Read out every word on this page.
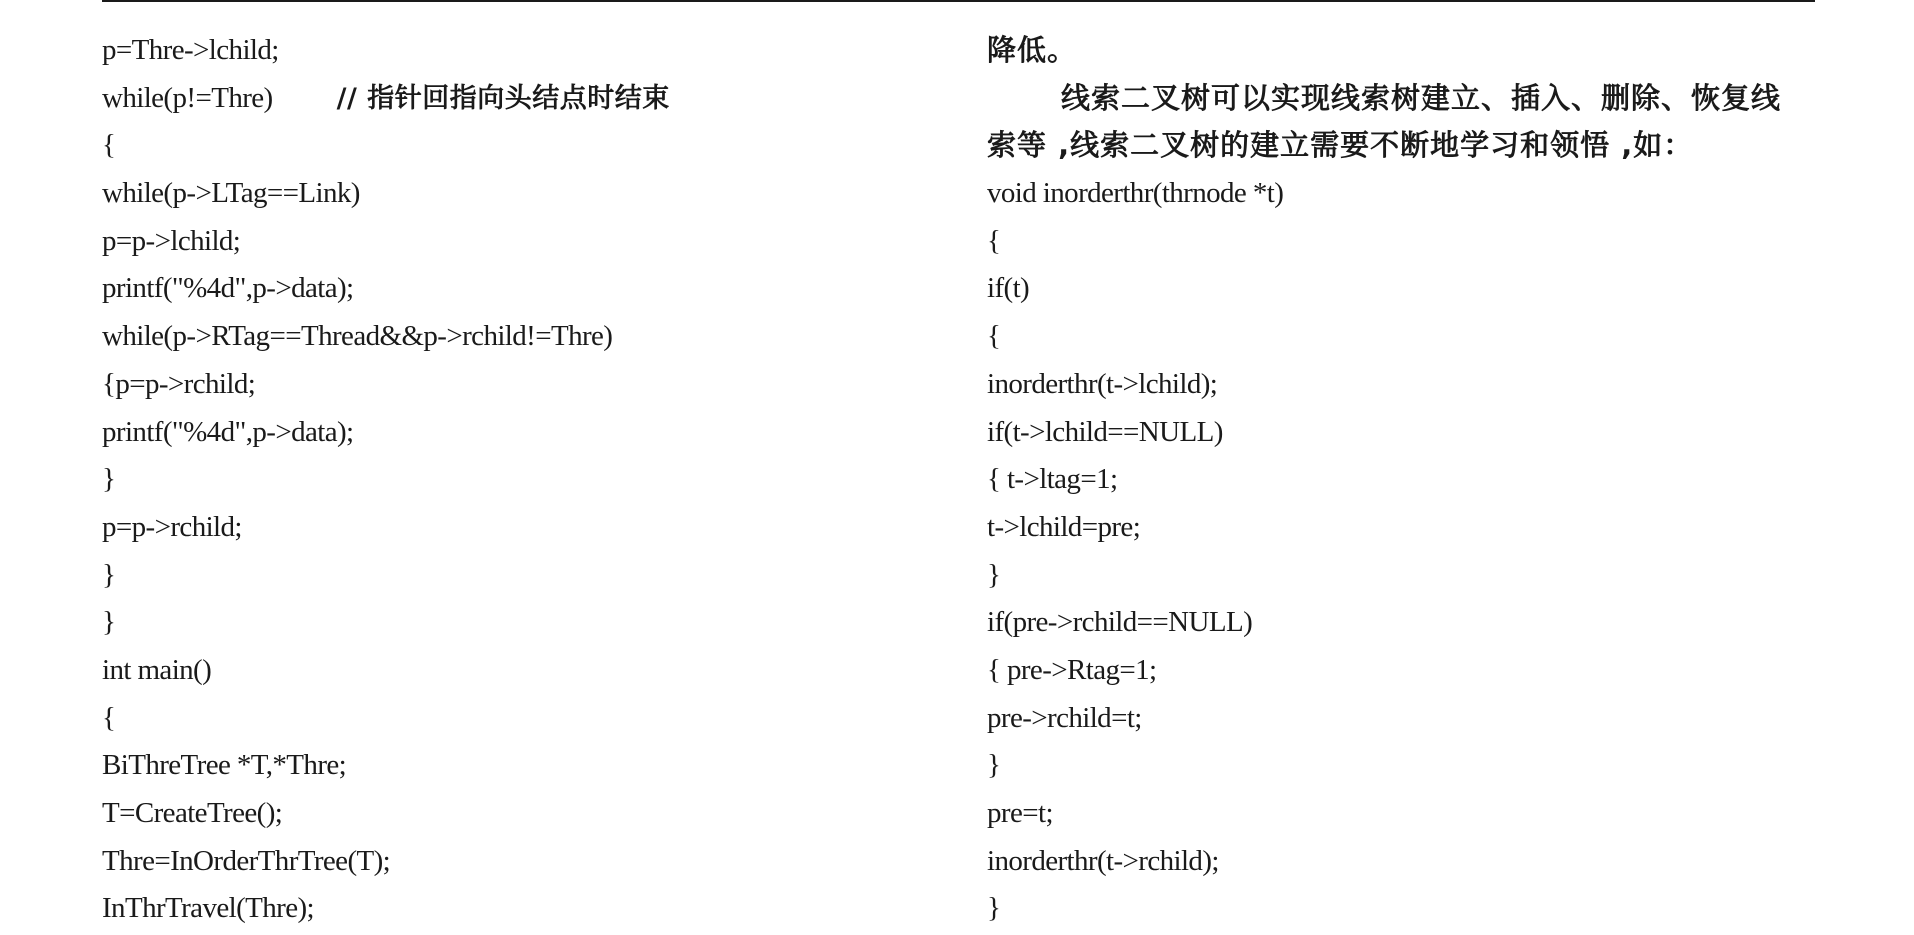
p=Thre->lchild;
while(p!=Thre) // 指针回指向头结点时结束
{
while(p->LTag==Link)
p=p->lchild;
printf("%4d",p->data);
while(p->RTag==Thread&&p->rchild!=Thre)
{p=p->rchild;
printf("%4d",p->data);
}
p=p->rchild;
}
}
int main()
{
BiThreTree *T,*Thre;
T=CreateTree();
Thre=InOrderThrTree(T);
InThrTravel(Thre);
降低。
线索二叉树可以实现线索树建立、插入、删除、恢复线
索等 ,线索二叉树的建立需要不断地学习和领悟 ,如：
void inorderthr(thrnode *t)
{
if(t)
{
inorderthr(t->lchild);
if(t->lchild==NULL)
{ t->ltag=1;
t->lchild=pre;
}
if(pre->rchild==NULL)
{ pre->Rtag=1;
pre->rchild=t;
}
pre=t;
inorderthr(t->rchild);
}
